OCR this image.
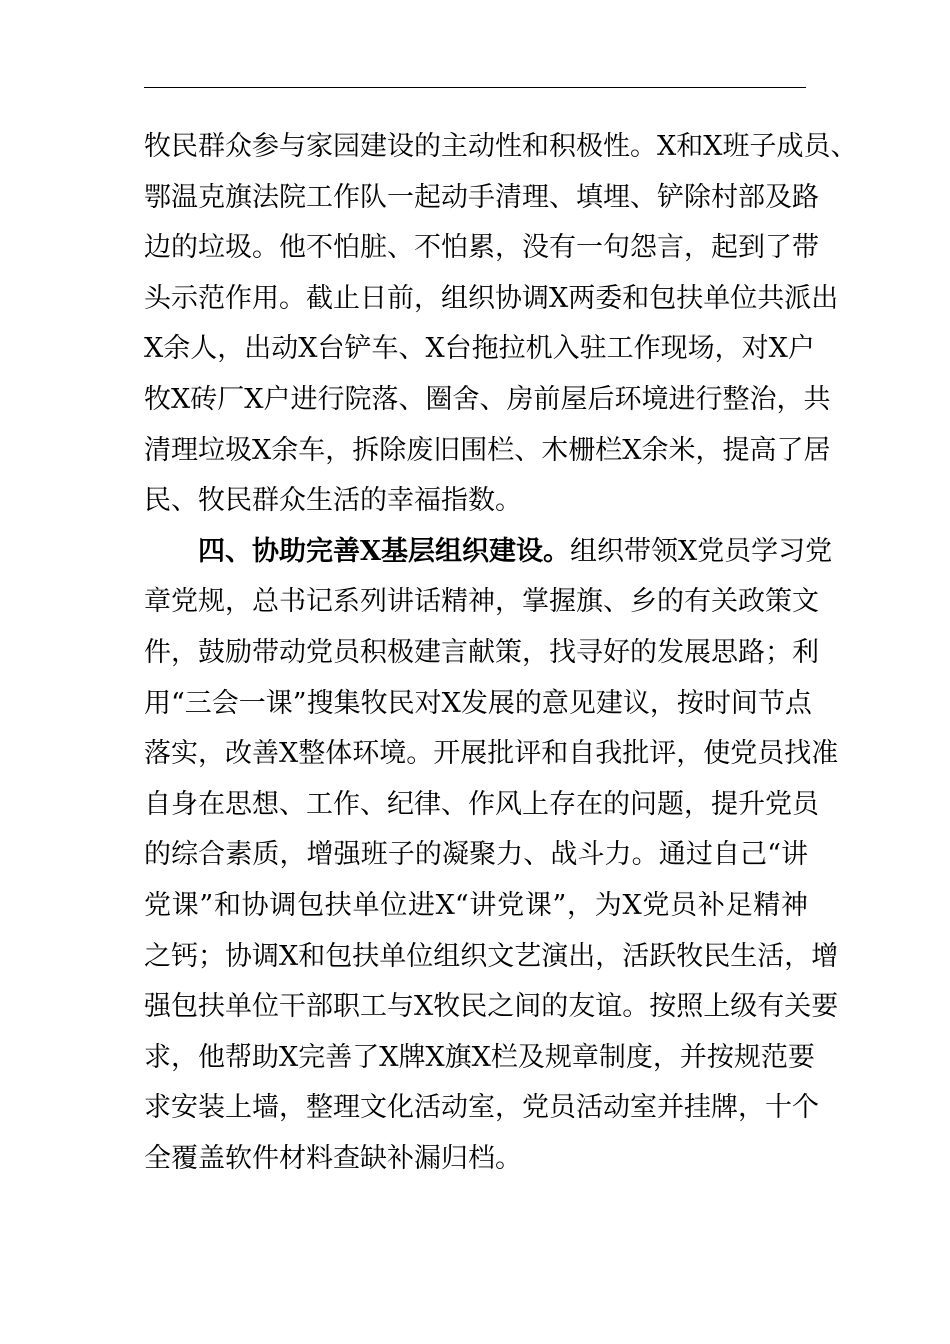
牧民群众参与家园建设的主动性和积极性。X和X班子成员、
鄂温克旗法院工作队一起动手清理、填埋、铲除村部及路
边的垃圾。他不怕脏、不怕累，没有一句怨言，起到了带
头示范作用。截止日前，组织协调X两委和包扶单位共派出
X余人，出动X台铲车、X台拖拉机入驻工作现场，对X户
牧X砖厂X户进行院落、圈舍、房前屋后环境进行整治，共
清理垃圾X余车，拆除废旧围栏、木栅栏X余米，提高了居
民、牧民群众生活的幸福指数。

四、协助完善X基层组织建设。组织带领X党员学习党
章党规，总书记系列讲话精神，掌握旗、乡的有关政策文
件，鼓励带动党员积极建言献策，找寻好的发展思路；利
用“三会一课”搜集牧民对X发展的意见建议，按时间节点
落实，改善X整体环境。开展批评和自我批评，使党员找准
自身在思想、工作、纪律、作风上存在的问题，提升党员
的综合素质，增强班子的凝聚力、战斗力。通过自己“讲
党课”和协调包扶单位进X“讲党课”，为X党员补足精神
之钙；协调X和包扶单位组织文艺演出，活跃牧民生活，增
强包扶单位干部职工与X牧民之间的友谊。按照上级有关要
求，他帮助X完善了X牌X旗X栏及规章制度，并按规范要
求安装上墙，整理文化活动室，党员活动室并挂牌，十个
全覆盖软件材料查缺补漏归档。
